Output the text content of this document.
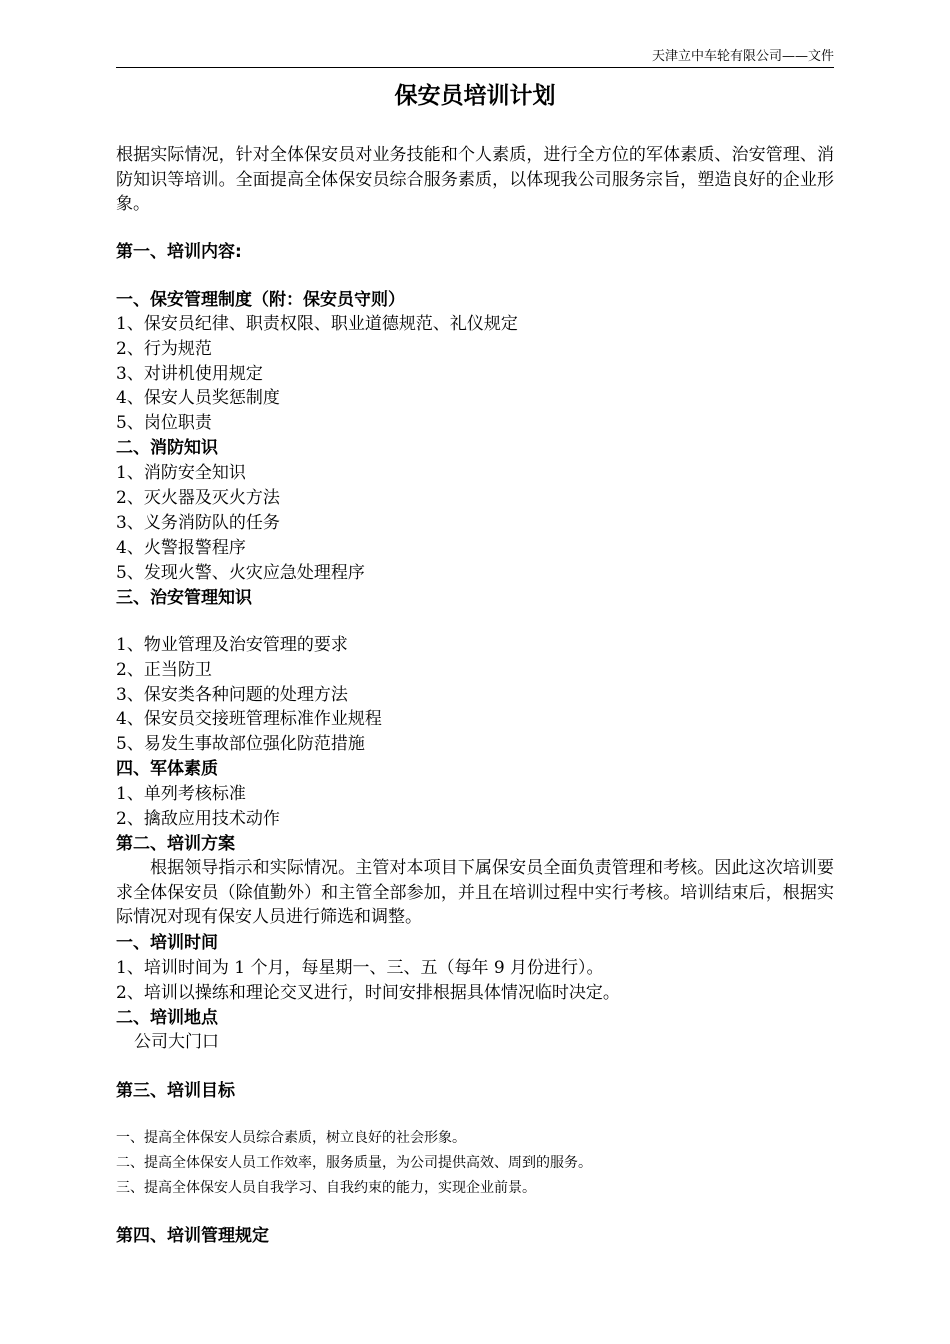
天津立中车轮有限公司——文件
保安员培训计划
根据实际情况，针对全体保安员对业务技能和个人素质，进行全方位的军体素质、治安管理、消防知识等培训。全面提高全体保安员综合服务素质，以体现我公司服务宗旨，塑造良好的企业形象。
第一、培训内容:
一、保安管理制度（附：保安员守则）
1、保安员纪律、职责权限、职业道德规范、礼仪规定
2、行为规范
3、对讲机使用规定
4、保安人员奖惩制度
5、岗位职责
二、消防知识
1、消防安全知识
2、灭火器及灭火方法
3、义务消防队的任务
4、火警报警程序
5、发现火警、火灾应急处理程序
三、治安管理知识
1、物业管理及治安管理的要求
2、正当防卫
3、保安类各种问题的处理方法
4、保安员交接班管理标准作业规程
5、易发生事故部位强化防范措施
四、军体素质
1、单列考核标准
2、擒敌应用技术动作
第二、培训方案
根据领导指示和实际情况。主管对本项目下属保安员全面负责管理和考核。因此这次培训要求全体保安员（除值勤外）和主管全部参加，并且在培训过程中实行考核。培训结束后，根据实际情况对现有保安人员进行筛选和调整。
一、培训时间
1、培训时间为 1 个月，每星期一、三、五（每年 9 月份进行）。
2、培训以操练和理论交叉进行，时间安排根据具体情况临时决定。
二、培训地点
公司大门口
第三、培训目标
一、提高全体保安人员综合素质，树立良好的社会形象。
二、提高全体保安人员工作效率，服务质量，为公司提供高效、周到的服务。
三、提高全体保安人员自我学习、自我约束的能力，实现企业前景。
第四、培训管理规定
